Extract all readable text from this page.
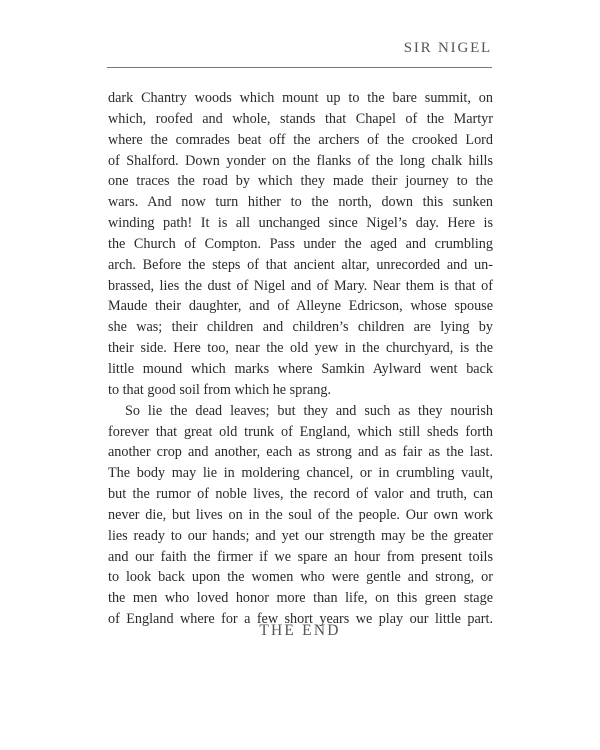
SIR NIGEL
dark Chantry woods which mount up to the bare summit, on
which, roofed and whole, stands that Chapel of the Martyr
where the comrades beat off the archers of the crooked Lord
of Shalford. Down yonder on the flanks of the long chalk hills
one traces the road by which they made their journey to the
wars. And now turn hither to the north, down this sunken
winding path! It is all unchanged since Nigel’s day. Here is
the Church of Compton. Pass under the aged and crumbling
arch. Before the steps of that ancient altar, unrecorded and un-
brassed, lies the dust of Nigel and of Mary. Near them is that of
Maude their daughter, and of Alleyne Edricson, whose spouse
she was; their children and children’s children are lying by
their side. Here too, near the old yew in the churchyard, is the
little mound which marks where Samkin Aylward went back
to that good soil from which he sprang.
So lie the dead leaves; but they and such as they nourish
forever that great old trunk of England, which still sheds forth
another crop and another, each as strong and as fair as the last.
The body may lie in moldering chancel, or in crumbling vault,
but the rumor of noble lives, the record of valor and truth, can
never die, but lives on in the soul of the people. Our own work
lies ready to our hands; and yet our strength may be the greater
and our faith the firmer if we spare an hour from present toils
to look back upon the women who were gentle and strong, or
the men who loved honor more than life, on this green stage
of England where for a few short years we play our little part.
THE END
